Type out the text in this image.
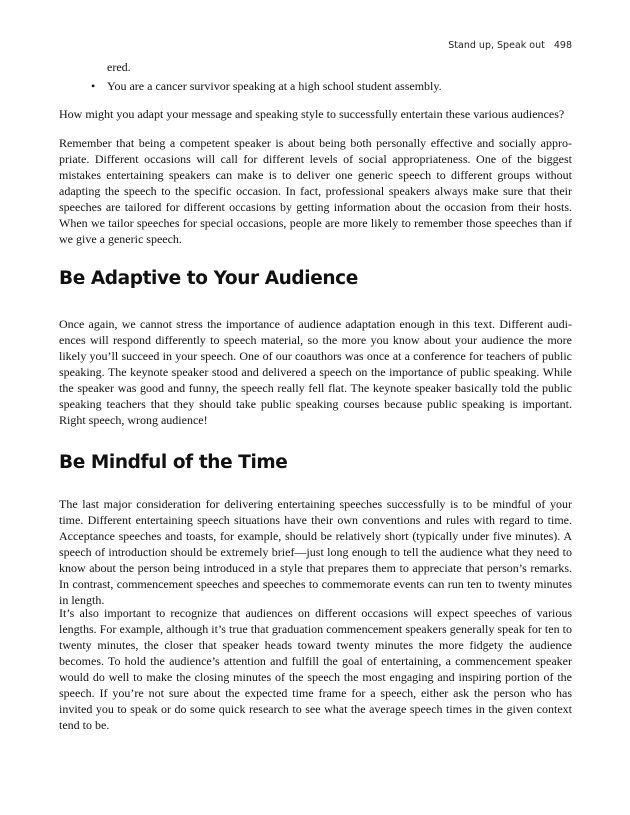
Stand up, Speak out 498

ered.

• You are a cancer survivor speaking at a high school student assembly.

How might you adapt your message and speaking style to successfully entertain these various audiences?

Remember that being a competent speaker is about being both personally effective and socially appropriate. Different occasions will call for different levels of social appropriateness. One of the biggest mistakes entertaining speakers can make is to deliver one generic speech to different groups without adapting the speech to the specific occasion. In fact, professional speakers always make sure that their speeches are tailored for different occasions by getting information about the occasion from their hosts. When we tailor speeches for special occasions, people are more likely to remember those speeches than if we give a generic speech.

Be Adaptive to Your Audience

Once again, we cannot stress the importance of audience adaptation enough in this text. Different audiences will respond differently to speech material, so the more you know about your audience the more likely you’ll succeed in your speech. One of our coauthors was once at a conference for teachers of public speaking. The keynote speaker stood and delivered a speech on the importance of public speaking. While the speaker was good and funny, the speech really fell flat. The keynote speaker basically told the public speaking teachers that they should take public speaking courses because public speaking is important. Right speech, wrong audience!

Be Mindful of the Time

The last major consideration for delivering entertaining speeches successfully is to be mindful of your time. Different entertaining speech situations have their own conventions and rules with regard to time. Acceptance speeches and toasts, for example, should be relatively short (typically under five minutes). A speech of introduction should be extremely brief—just long enough to tell the audience what they need to know about the person being introduced in a style that prepares them to appreciate that person’s remarks. In contrast, commencement speeches and speeches to commemorate events can run ten to twenty minutes in length.

It’s also important to recognize that audiences on different occasions will expect speeches of various lengths. For example, although it’s true that graduation commencement speakers generally speak for ten to twenty minutes, the closer that speaker heads toward twenty minutes the more fidgety the audience becomes. To hold the audience’s attention and fulfill the goal of entertaining, a commencement speaker would do well to make the closing minutes of the speech the most engaging and inspiring portion of the speech. If you’re not sure about the expected time frame for a speech, either ask the person who has invited you to speak or do some quick research to see what the average speech times in the given context tend to be.
